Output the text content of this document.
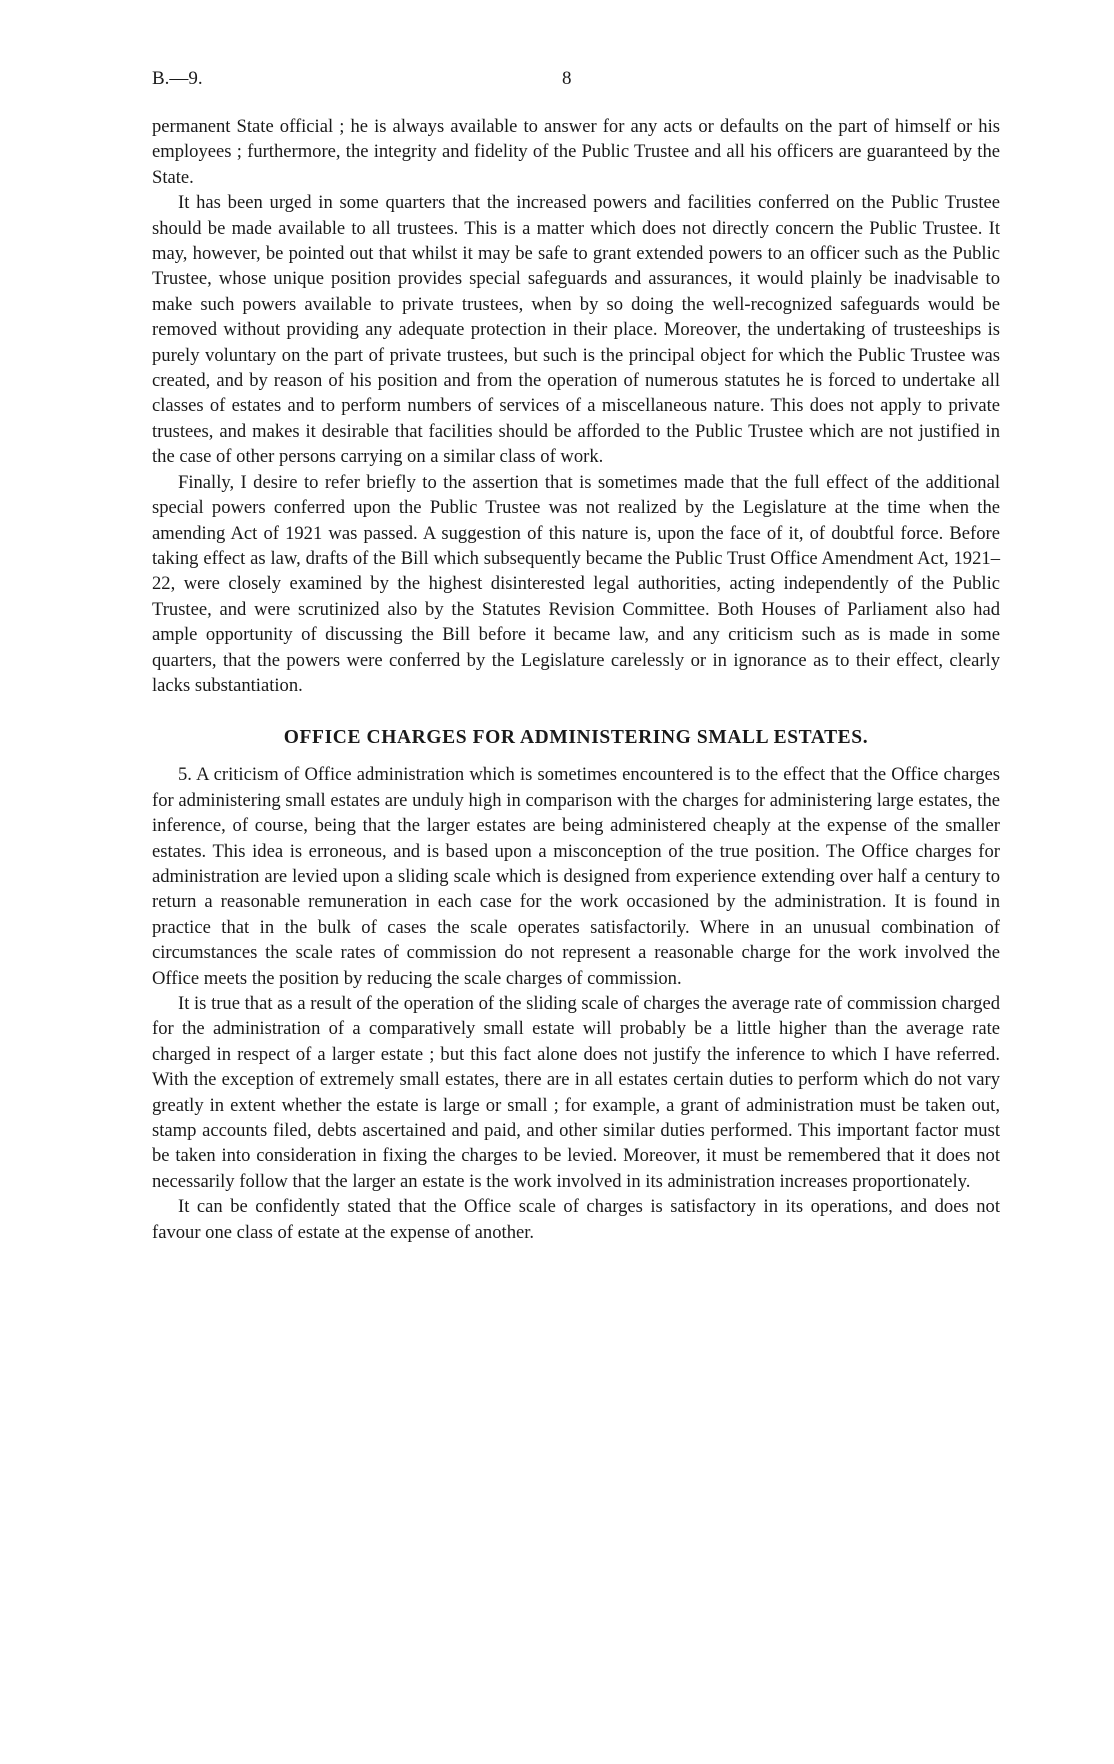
B.—9.	8

permanent State official ; he is always available to answer for any acts or defaults on the part of himself or his employees ; furthermore, the integrity and fidelity of the Public Trustee and all his officers are guaranteed by the State.

It has been urged in some quarters that the increased powers and facilities conferred on the Public Trustee should be made available to all trustees. This is a matter which does not directly concern the Public Trustee. It may, however, be pointed out that whilst it may be safe to grant extended powers to an officer such as the Public Trustee, whose unique position provides special safeguards and assurances, it would plainly be inadvisable to make such powers available to private trustees, when by so doing the well-recognized safeguards would be removed without providing any adequate protection in their place. Moreover, the undertaking of trusteeships is purely voluntary on the part of private trustees, but such is the principal object for which the Public Trustee was created, and by reason of his position and from the operation of numerous statutes he is forced to undertake all classes of estates and to perform numbers of services of a miscellaneous nature. This does not apply to private trustees, and makes it desirable that facilities should be afforded to the Public Trustee which are not justified in the case of other persons carrying on a similar class of work.

Finally, I desire to refer briefly to the assertion that is sometimes made that the full effect of the additional special powers conferred upon the Public Trustee was not realized by the Legislature at the time when the amending Act of 1921 was passed. A suggestion of this nature is, upon the face of it, of doubtful force. Before taking effect as law, drafts of the Bill which subsequently became the Public Trust Office Amendment Act, 1921–22, were closely examined by the highest disinterested legal authorities, acting independently of the Public Trustee, and were scrutinized also by the Statutes Revision Committee. Both Houses of Parliament also had ample opportunity of discussing the Bill before it became law, and any criticism such as is made in some quarters, that the powers were conferred by the Legislature carelessly or in ignorance as to their effect, clearly lacks substantiation.

OFFICE CHARGES FOR ADMINISTERING SMALL ESTATES.

5. A criticism of Office administration which is sometimes encountered is to the effect that the Office charges for administering small estates are unduly high in comparison with the charges for administering large estates, the inference, of course, being that the larger estates are being administered cheaply at the expense of the smaller estates. This idea is erroneous, and is based upon a misconception of the true position. The Office charges for administration are levied upon a sliding scale which is designed from experience extending over half a century to return a reasonable remuneration in each case for the work occasioned by the administration. It is found in practice that in the bulk of cases the scale operates satisfactorily. Where in an unusual combination of circumstances the scale rates of commission do not represent a reasonable charge for the work involved the Office meets the position by reducing the scale charges of commission.

It is true that as a result of the operation of the sliding scale of charges the average rate of commission charged for the administration of a comparatively small estate will probably be a little higher than the average rate charged in respect of a larger estate ; but this fact alone does not justify the inference to which I have referred. With the exception of extremely small estates, there are in all estates certain duties to perform which do not vary greatly in extent whether the estate is large or small ; for example, a grant of administration must be taken out, stamp accounts filed, debts ascertained and paid, and other similar duties performed. This important factor must be taken into consideration in fixing the charges to be levied. Moreover, it must be remembered that it does not necessarily follow that the larger an estate is the work involved in its administration increases proportionately.

It can be confidently stated that the Office scale of charges is satisfactory in its operations, and does not favour one class of estate at the expense of another.
